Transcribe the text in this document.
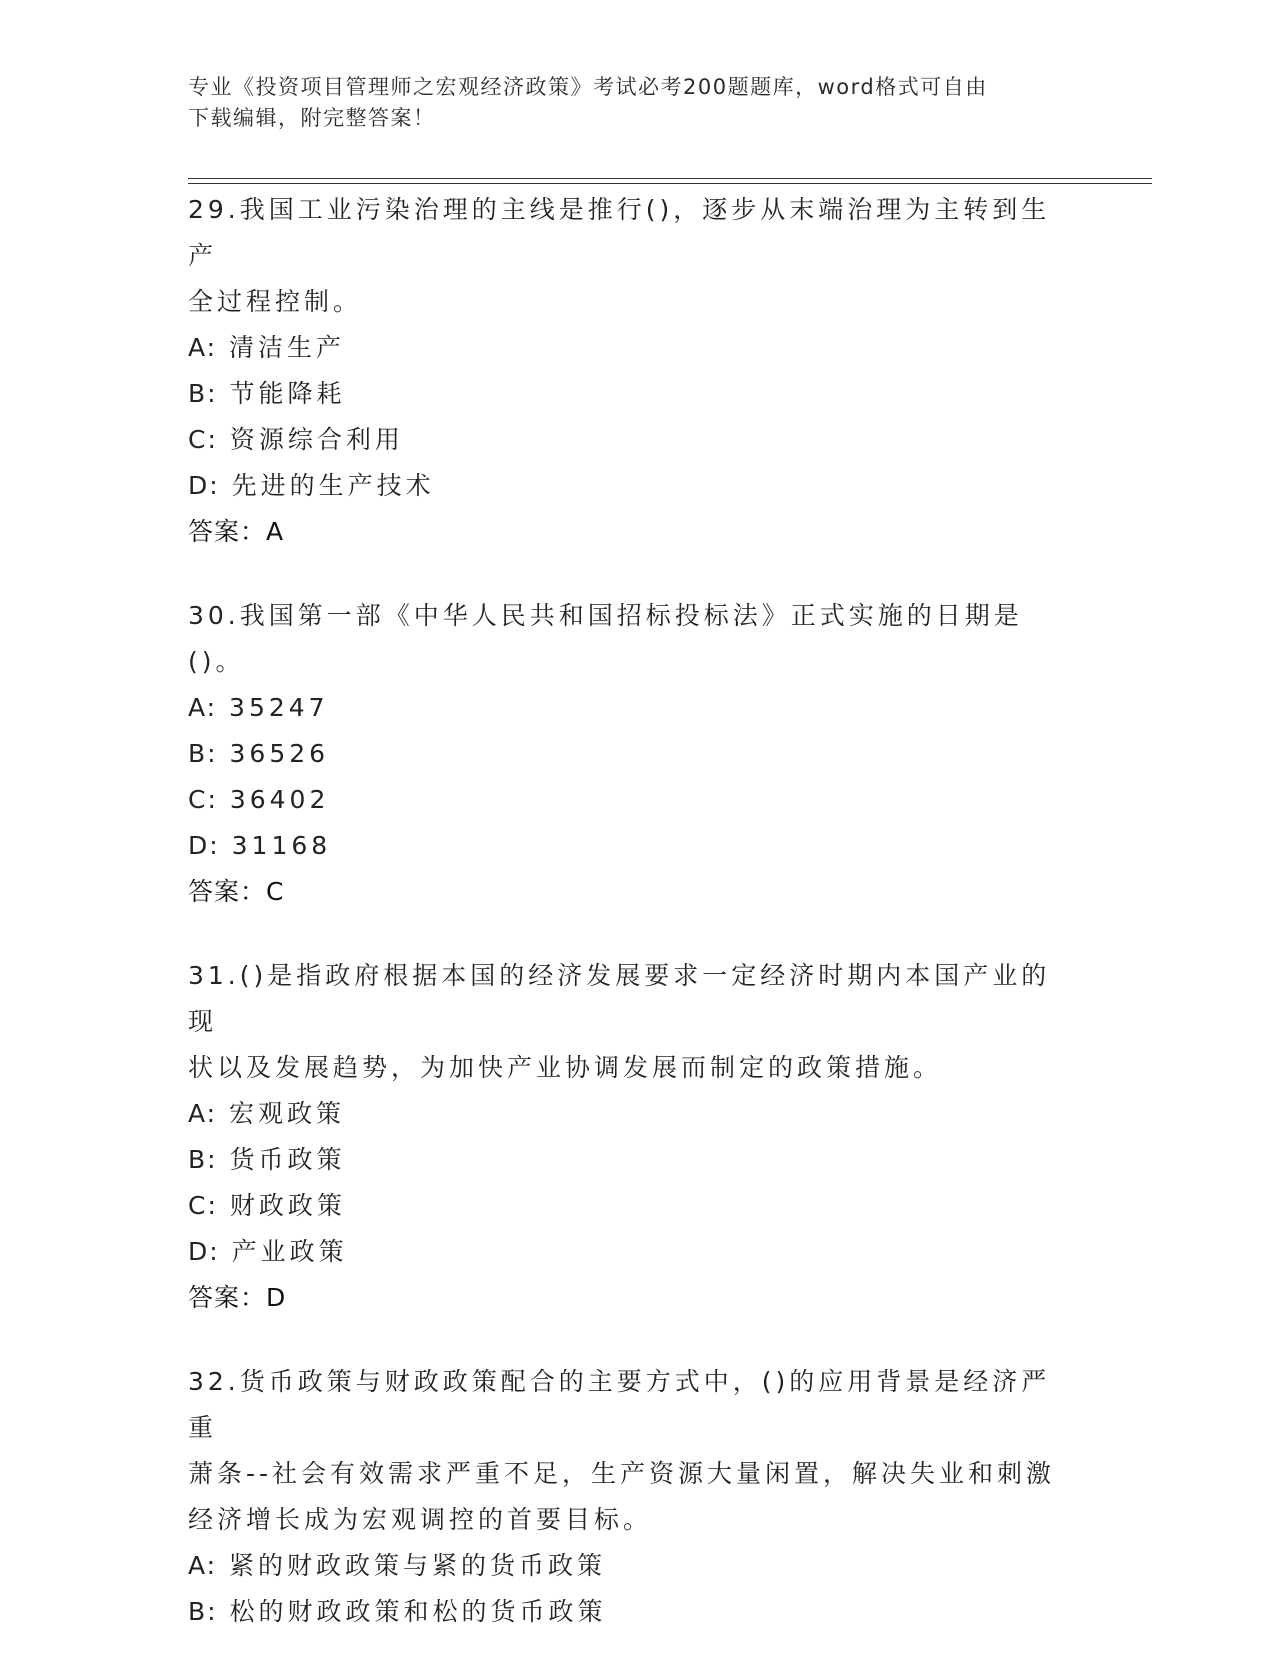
专业《投资项目管理师之宏观经济政策》考试必考200题题库，word格式可自由
下载编辑，附完整答案！

29.我国工业污染治理的主线是推行()，逐步从末端治理为主转到生产

全过程控制。

A: 清洁生产

B: 节能降耗

C: 资源综合利用

D: 先进的生产技术

答案：A

30.我国第一部《中华人民共和国招标投标法》正式实施的日期是()。

A: 35247

B: 36526

C: 36402

D: 31168

答案：C

31.()是指政府根据本国的经济发展要求一定经济时期内本国产业的现

状以及发展趋势，为加快产业协调发展而制定的政策措施。

A: 宏观政策

B: 货币政策

C: 财政政策

D: 产业政策

答案：D

32.货币政策与财政政策配合的主要方式中，()的应用背景是经济严重

萧条--社会有效需求严重不足，生产资源大量闲置，解决失业和刺激

经济增长成为宏观调控的首要目标。

A: 紧的财政政策与紧的货币政策

B: 松的财政政策和松的货币政策
